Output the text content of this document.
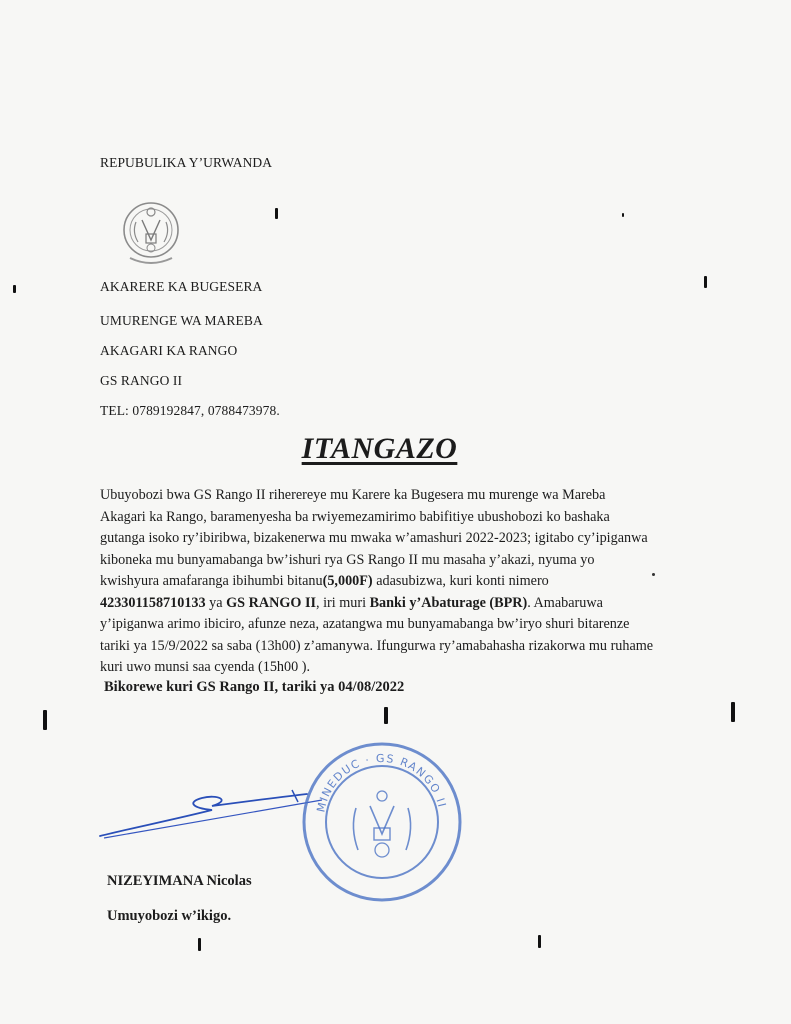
REPUBULIKA Y’URWANDA
AKARERE KA BUGESERA
UMURENGE WA MAREBA
AKAGARI KA RANGO
GS RANGO II
TEL: 0789192847, 0788473978.
ITANGAZO
Ubuyobozi bwa GS Rango II riherereye mu Karere ka Bugesera mu murenge wa Mareba
Akagari ka Rango, baramenyesha ba rwiyemezamirimo babifitiye ubushobozi ko bashaka
gutanga isoko ry’ibiribwa, bizakenerwa mu mwaka w’amashuri 2022-2023; igitabo cy’ipiganwa
kiboneka mu bunyamabanga bw’ishuri rya GS Rango II mu masaha y’akazi, nyuma yo
kwishyura amafaranga ibihumbi bitanu(5,000F) adasubizwa, kuri konti nimero
423301158710133 ya GS RANGO II, iri muri Banki y’Abaturage (BPR). Amabaruwa
y’ipiganwa arimo ibiciro, afunze neza, azatangwa mu bunyamabanga bw’iryo shuri bitarenze
tariki ya 15/9/2022 sa saba (13h00) z’amanywa. Ifungurwa ry’amabahasha rizakorwa mu ruhame
kuri uwo munsi saa cyenda (15h00 ).
Bikorewe kuri GS Rango II, tariki ya 04/08/2022
MINEDUC · GS RANGO II
NIZEYIMANA Nicolas
Umuyobozi w’ikigo.
